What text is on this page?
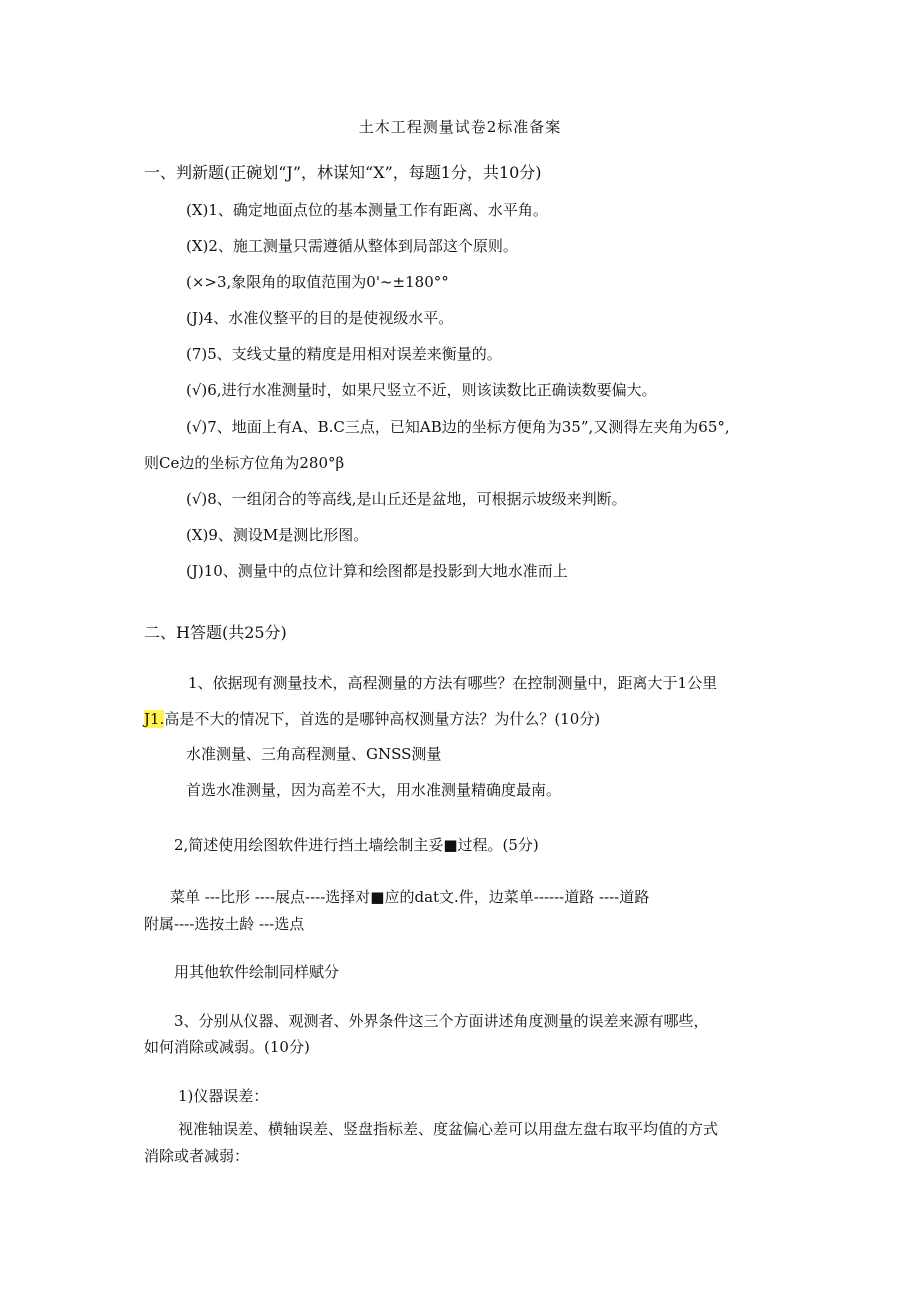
土木工程测量试卷2标准备案
一、判新题(正碗划“J”，林谋知“X”，每题1分，共10分)
(X)1、确定地面点位的基本测量工作有距离、水平角。
(X)2、施工测量只需遵循从整体到局部这个原则。
(×>3,象限角的取值范围为0'~±180°°
(J)4、水准仪整平的目的是使视级水平。
(7)5、支线丈量的精度是用相对误差来衡量的。
(√)6,进行水准测量时，如果尺竖立不近，则该读数比正确读数要偏大。
(√)7、地面上有A、B.C三点，已知AB边的坐标方便角为35”,又测得左夹角为65°,
则Ce边的坐标方位角为280°β
(√)8、一组闭合的等高线,是山丘还是盆地，可根据示坡级来判断。
(X)9、测设M是测比形图。
(J)10、测量中的点位计算和绘图都是投影到大地水准而上
二、H答题(共25分)
1、依据现有测量技术，高程测量的方法有哪些？在控制测量中，距离大于1公里
J1.高是不大的情况下，首选的是哪钟高权测量方法？为什么？(10分)
水准测量、三角高程测量、GNSS测量
首选水准测量，因为高差不大，用水准测量精确度最南。
2,简述使用绘图软件进行挡土墙绘制主妥■过程。(5分)
菜单 ---比形 ----展点----选择对■应的dat文.件，边菜单------道路 ----道路
附属----选按土龄 ---选点
用其他软件绘制同样赋分
3、分别从仪器、观测者、外界条件这三个方面讲述角度测量的误差来源有哪些，
如何消除或减弱。(10分)
1)仪器误差：
视准轴误差、横轴误差、竖盘指标差、度盆偏心差可以用盘左盘右取平均值的方式
消除或者减弱：
